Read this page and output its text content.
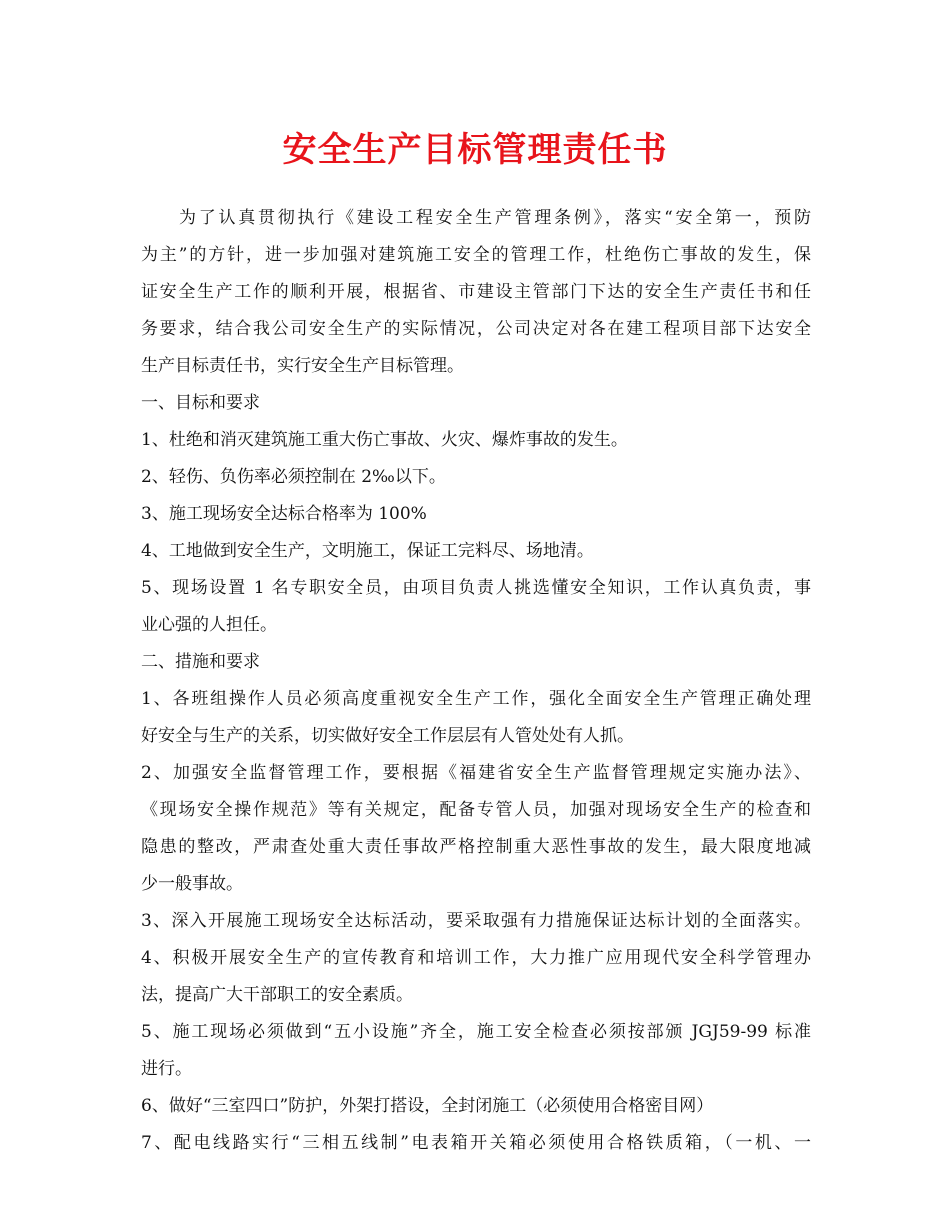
安全生产目标管理责任书
为了认真贯彻执行《建设工程安全生产管理条例》，落实“安全第一，预防
为主”的方针，进一步加强对建筑施工安全的管理工作，杜绝伤亡事故的发生，保
证安全生产工作的顺利开展，根据省、市建设主管部门下达的安全生产责任书和任
务要求，结合我公司安全生产的实际情况，公司决定对各在建工程项目部下达安全
生产目标责任书，实行安全生产目标管理。
一、目标和要求
1、杜绝和消灭建筑施工重大伤亡事故、火灾、爆炸事故的发生。
2、轻伤、负伤率必须控制在 2‰以下。
3、施工现场安全达标合格率为 100%
4、工地做到安全生产，文明施工，保证工完料尽、场地清。
5、现场设置 1 名专职安全员，由项目负责人挑选懂安全知识，工作认真负责，事
业心强的人担任。
二、措施和要求
1、各班组操作人员必须高度重视安全生产工作，强化全面安全生产管理正确处理
好安全与生产的关系，切实做好安全工作层层有人管处处有人抓。
2、加强安全监督管理工作，要根据《福建省安全生产监督管理规定实施办法》、
《现场安全操作规范》等有关规定，配备专管人员，加强对现场安全生产的检查和
隐患的整改，严肃查处重大责任事故严格控制重大恶性事故的发生，最大限度地减
少一般事故。
3、深入开展施工现场安全达标活动，要采取强有力措施保证达标计划的全面落实。
4、积极开展安全生产的宣传教育和培训工作，大力推广应用现代安全科学管理办
法，提高广大干部职工的安全素质。
5、施工现场必须做到“五小设施”齐全，施工安全检查必须按部颁 JGJ59-99 标准
进行。
6、做好“三室四口”防护，外架打搭设，全封闭施工（必须使用合格密目网）
7、配电线路实行“三相五线制”电表箱开关箱必须使用合格铁质箱，（一机、一
